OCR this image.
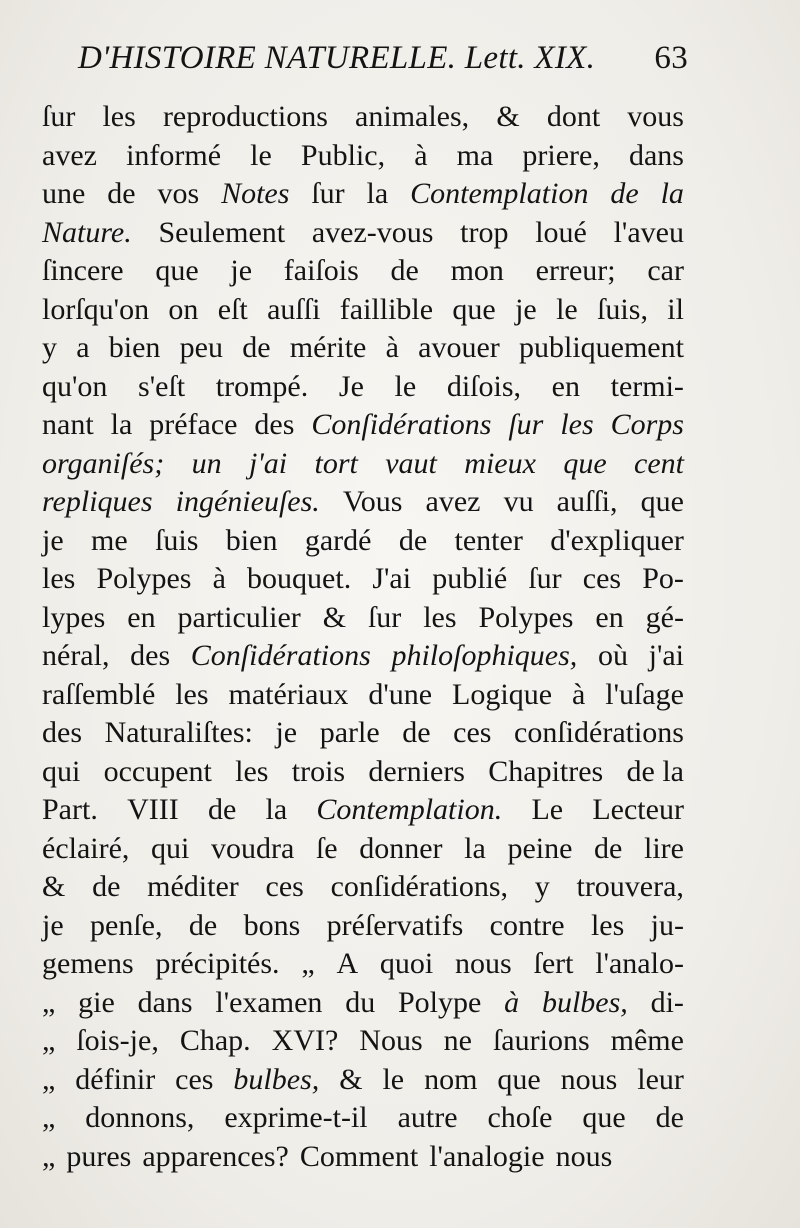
D'HISTOIRE NATURELLE. Lett. XIX. 63
ſur les reproductions animales, & dont vous
avez informé le Public, à ma priere, dans
une de vos Notes ſur la Contemplation de la
Nature. Seulement avez-vous trop loué l'aveu
ſincere que je faiſois de mon erreur; car
lorſqu'on on eſt auſſi faillible que je le ſuis, il
y a bien peu de mérite à avouer publiquement
qu'on s'eſt trompé. Je le diſois, en termi-
nant la préface des Conſidérations ſur les Corps
organiſés; un j'ai tort vaut mieux que cent
repliques ingénieuſes. Vous avez vu auſſi, que
je me ſuis bien gardé de tenter d'expliquer
les Polypes à bouquet. J'ai publié ſur ces Po-
lypes en particulier & ſur les Polypes en gé-
néral, des Conſidérations philoſophiques, où j'ai
raſſemblé les matériaux d'une Logique à l'uſage
des Naturaliſtes: je parle de ces conſidérations
qui occupent les trois derniers Chapitres de la
Part. VIII de la Contemplation. Le Lecteur
éclairé, qui voudra ſe donner la peine de lire
& de méditer ces conſidérations, y trouvera,
je penſe, de bons préſervatifs contre les ju-
gemens précipités. „ A quoi nous ſert l'analo-
„ gie dans l'examen du Polype à bulbes, di-
„ ſois-je, Chap. XVI? Nous ne ſaurions même
„ définir ces bulbes, & le nom que nous leur
„ donnons, exprime-t-il autre choſe que de
„ pures apparences? Comment l'analogie nous
